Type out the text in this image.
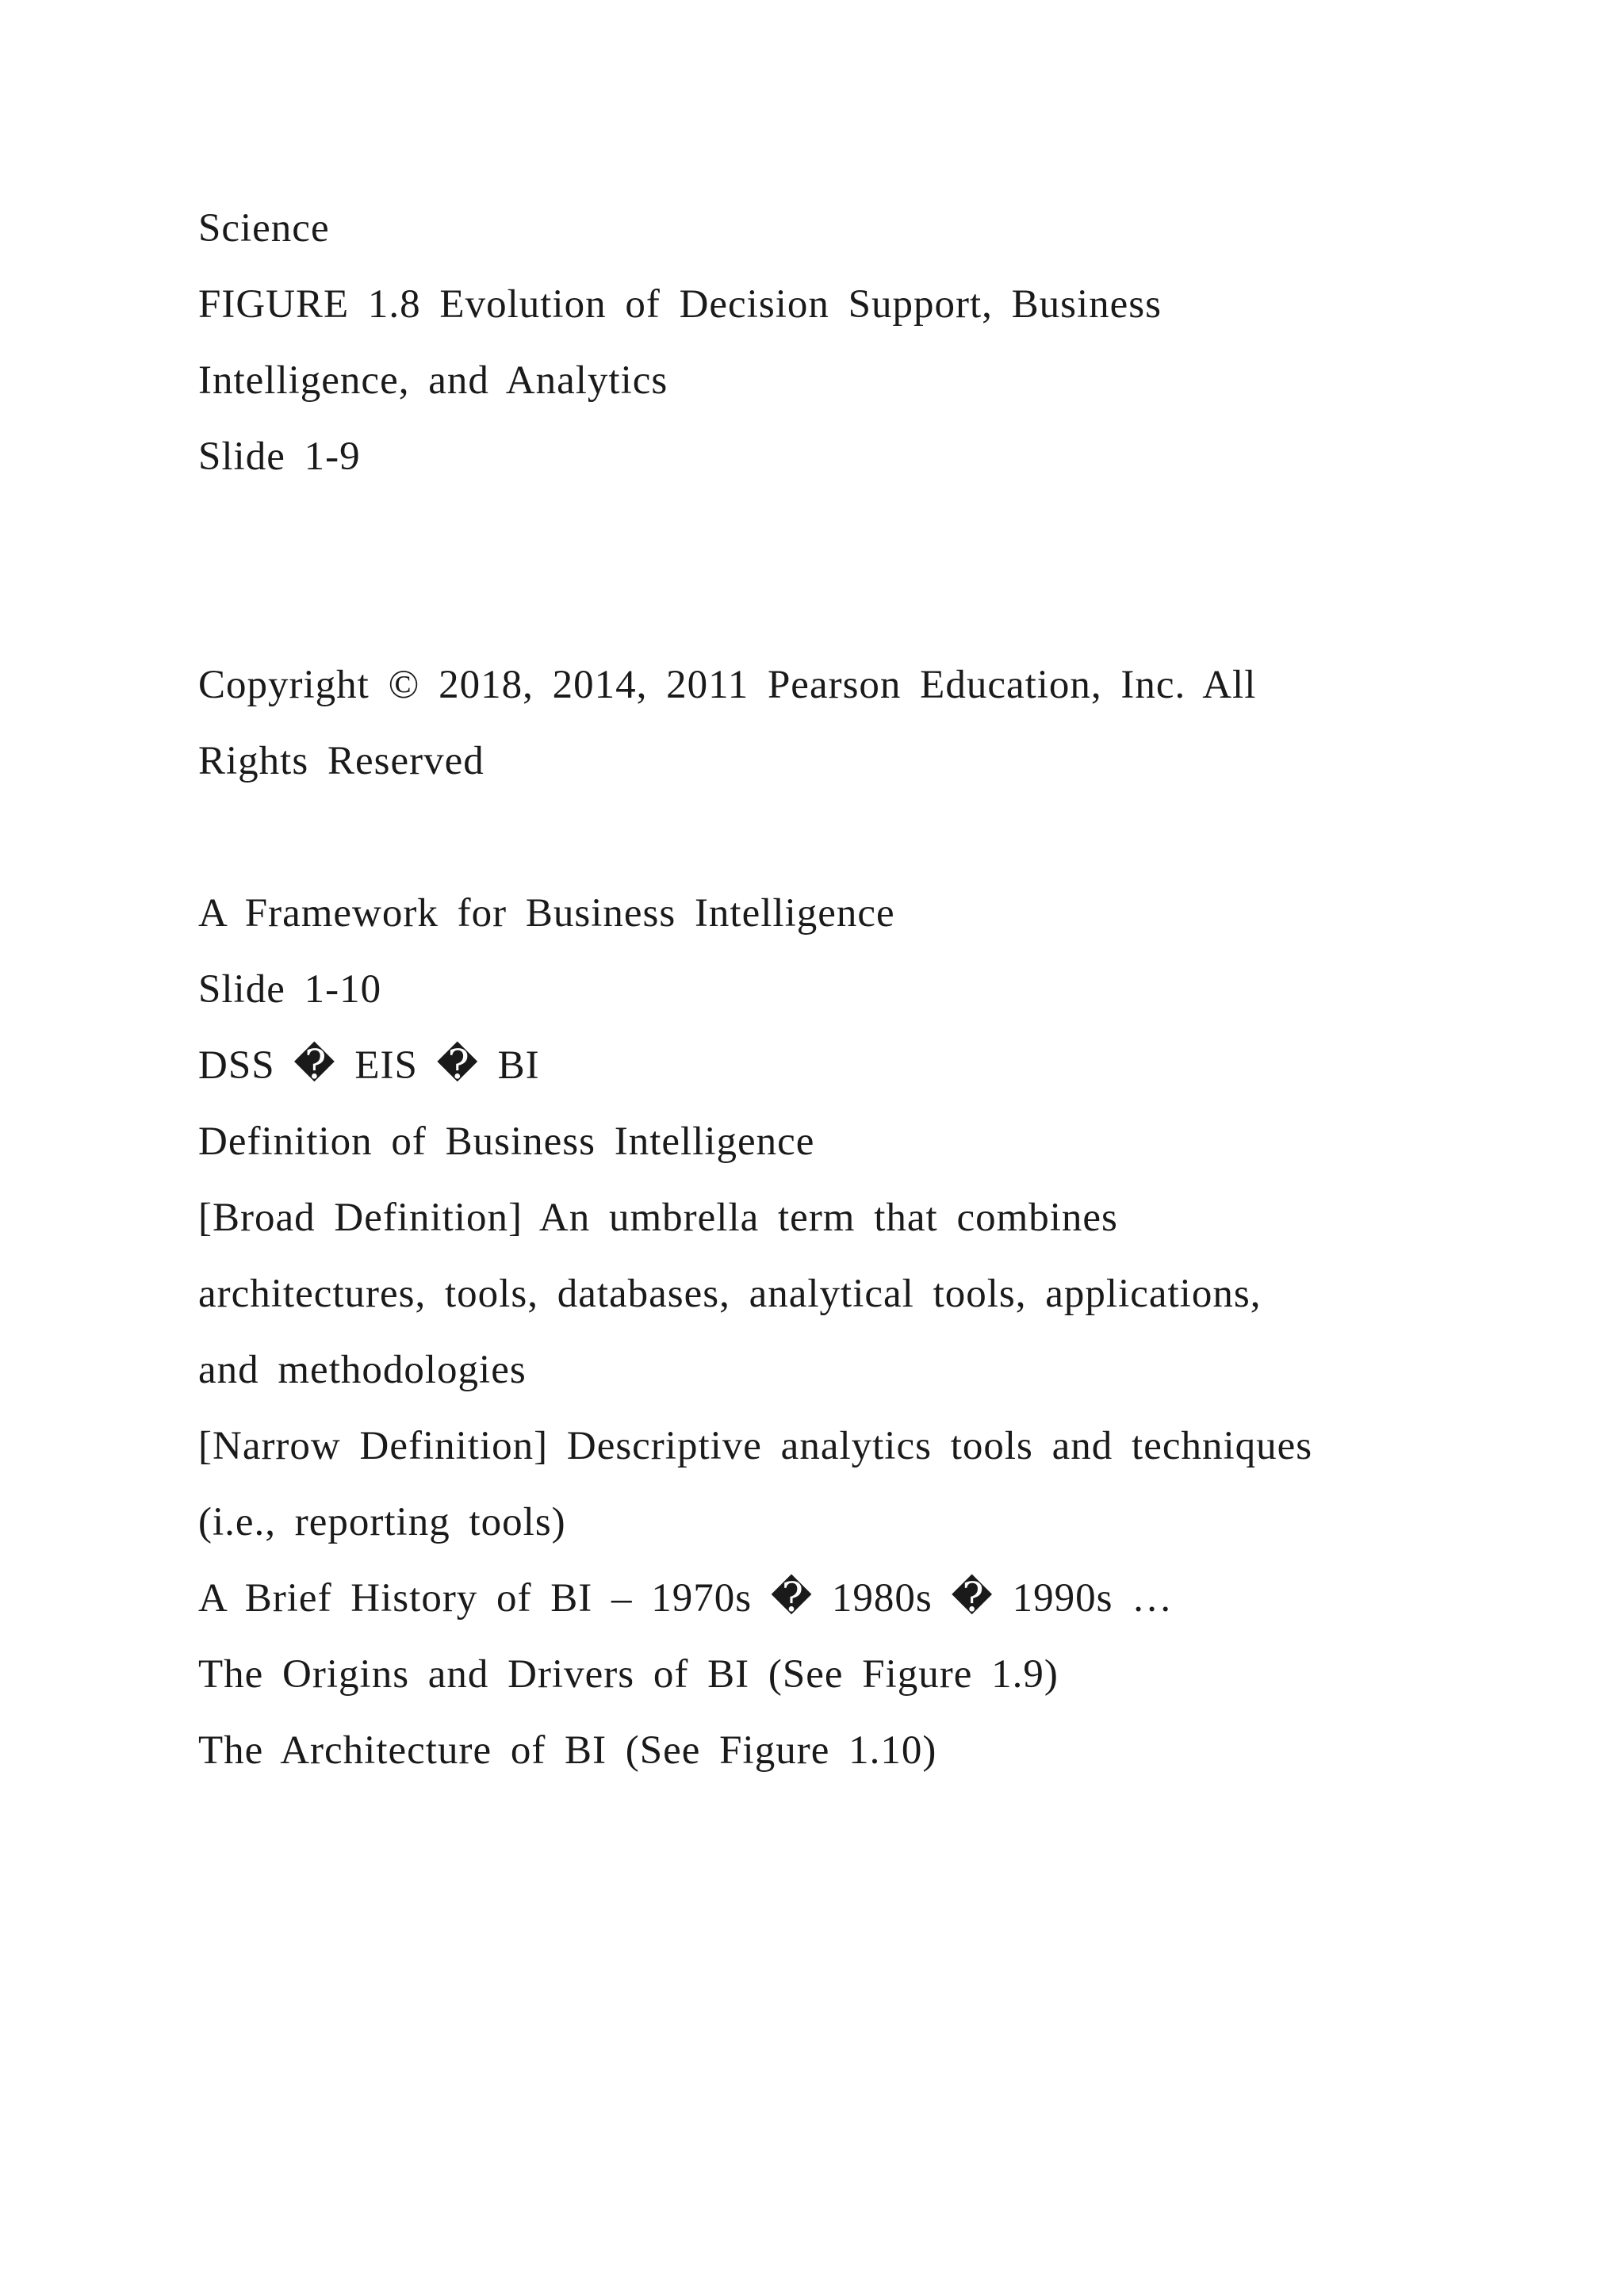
Science
FIGURE 1.8 Evolution of Decision Support, Business
Intelligence, and Analytics
Slide 1-9
Copyright © 2018, 2014, 2011 Pearson Education, Inc. All
Rights Reserved
A Framework for Business Intelligence
Slide 1-10
DSS � EIS � BI
Definition of Business Intelligence
[Broad Definition] An umbrella term that combines
architectures, tools, databases, analytical tools, applications,
and methodologies
[Narrow Definition] Descriptive analytics tools and techniques
(i.e., reporting tools)
A Brief History of BI – 1970s � 1980s � 1990s …
The Origins and Drivers of BI (See Figure 1.9)
The Architecture of BI (See Figure 1.10)
